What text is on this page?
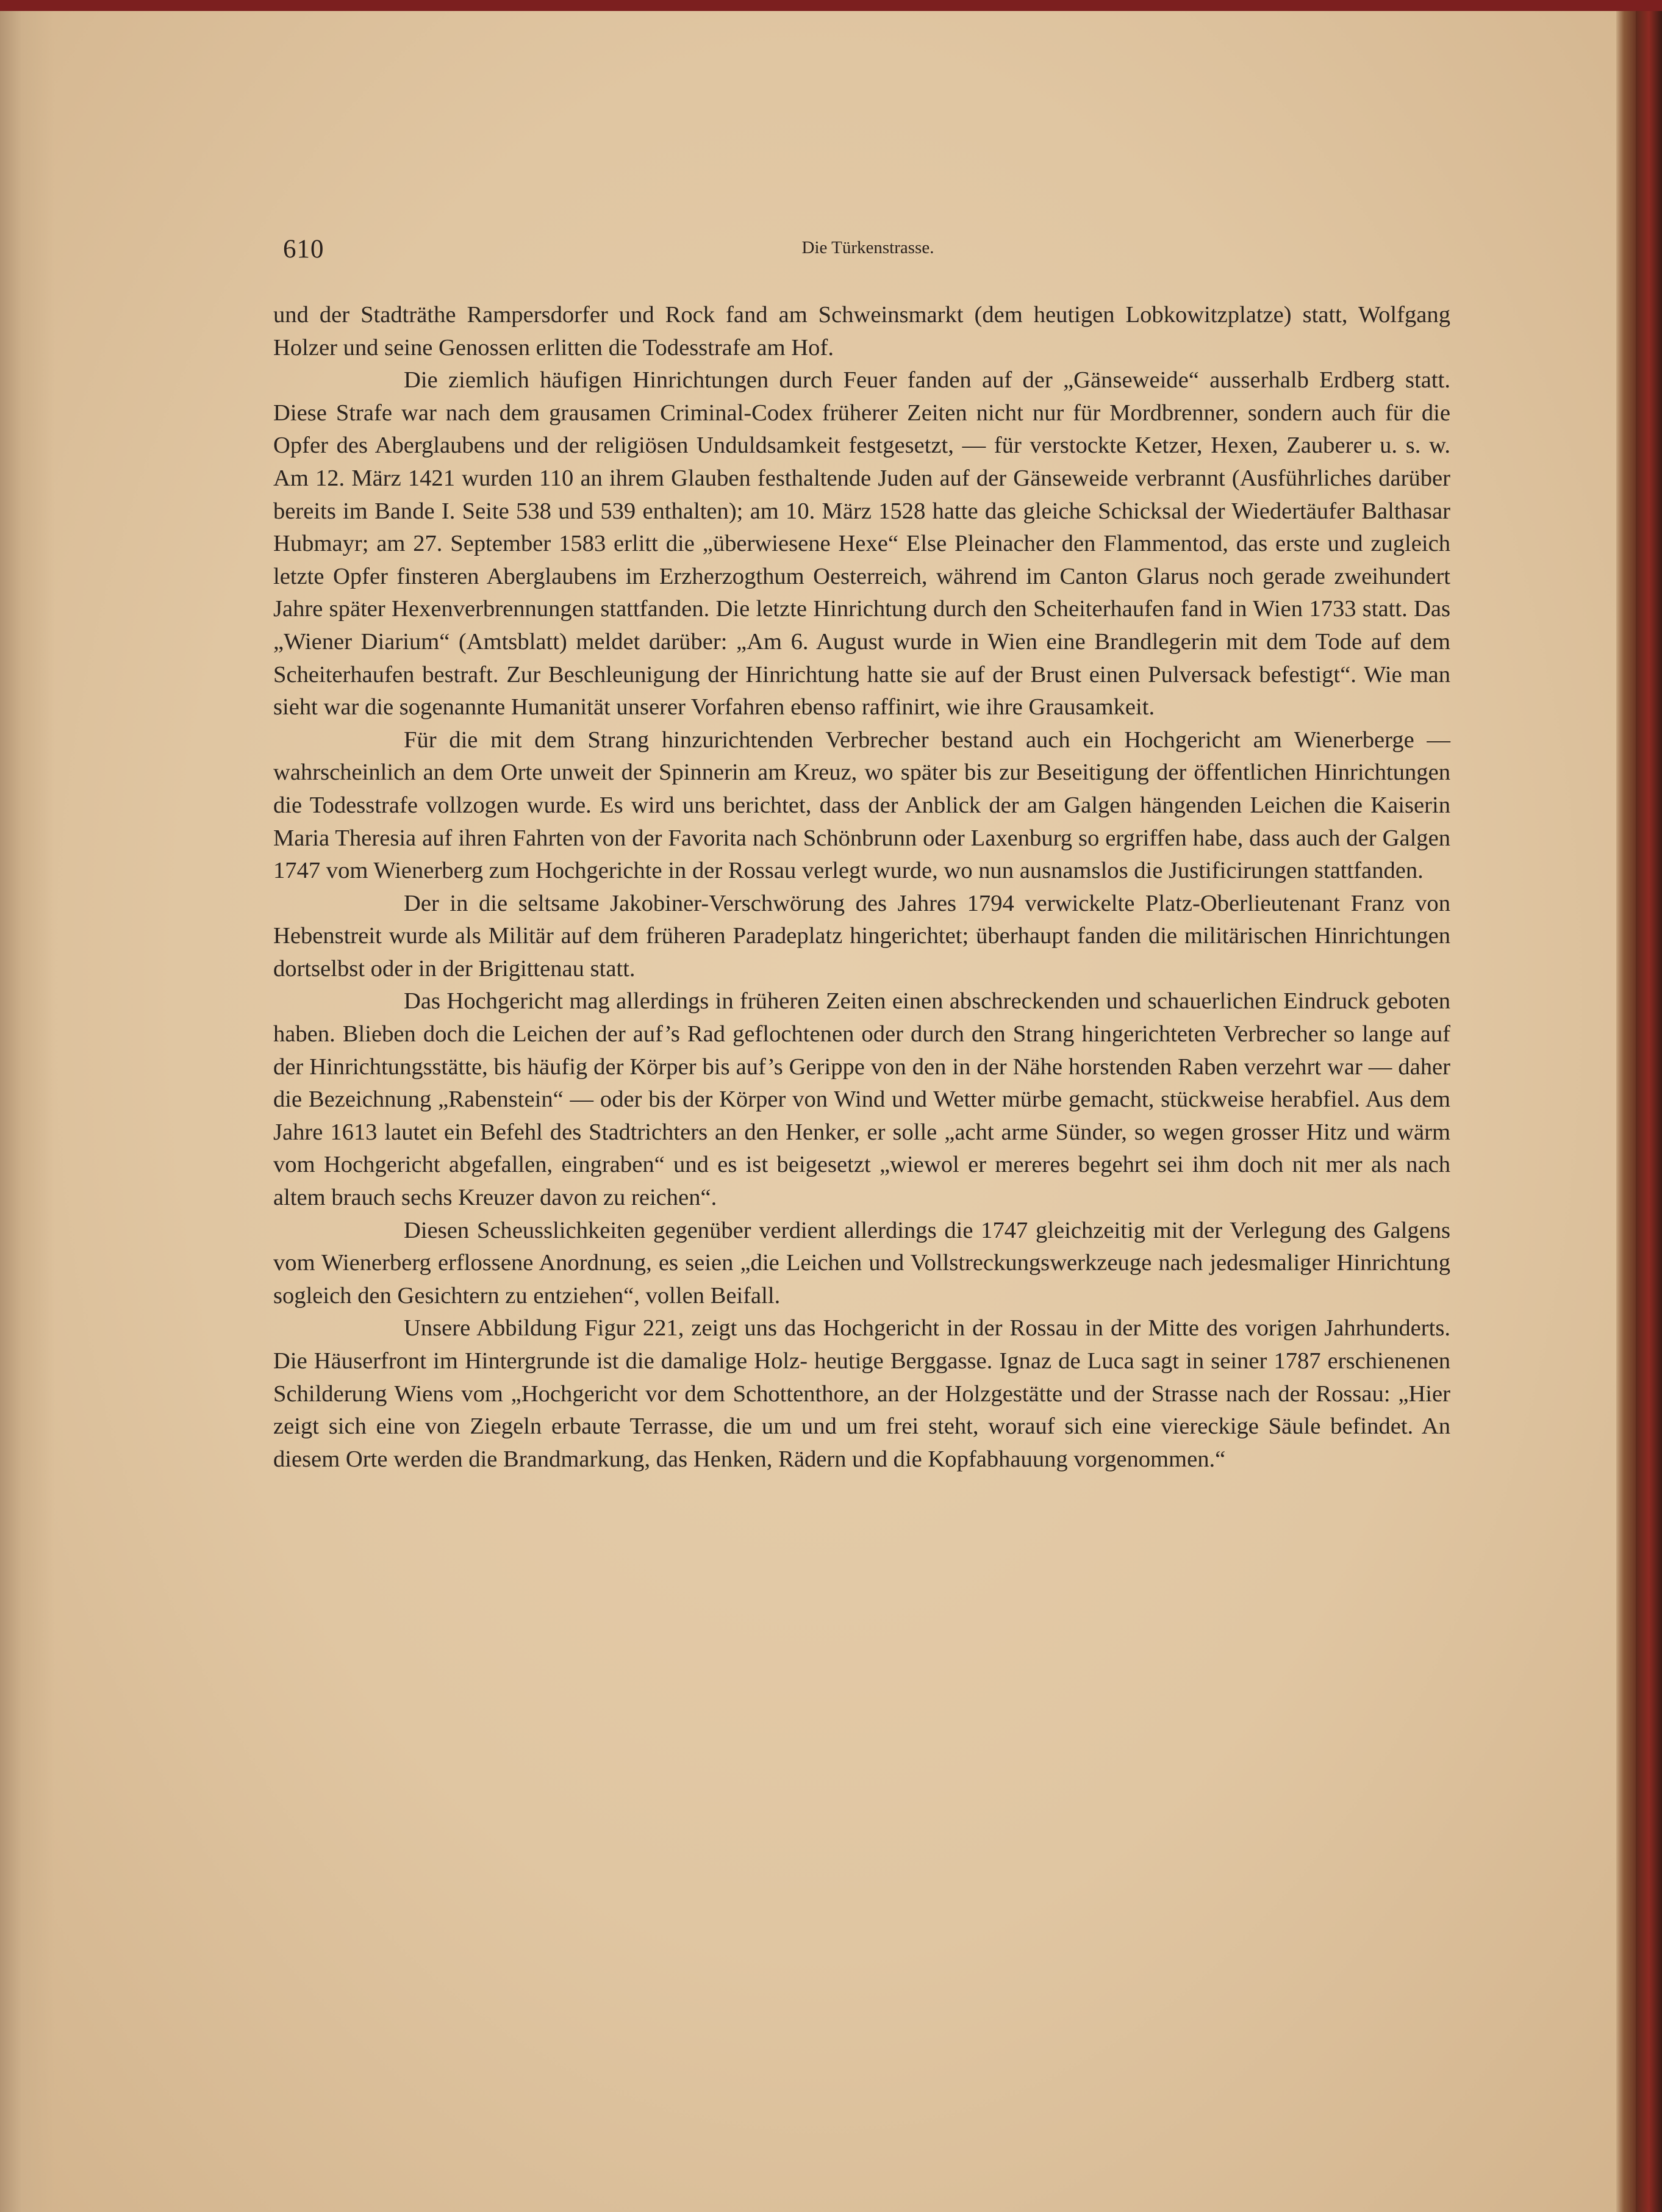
610	Die Türkenstrasse.

und der Stadträthe Rampersdorfer und Rock fand am Schweinsmarkt (dem heutigen Lobkowitzplatze) statt, Wolfgang Holzer und seine Genossen erlitten die Todesstrafe am Hof.

Die ziemlich häufigen Hinrichtungen durch Feuer fanden auf der „Gänseweide“ ausserhalb Erdberg statt. Diese Strafe war nach dem grausamen Criminal-Codex früherer Zeiten nicht nur für Mordbrenner, sondern auch für die Opfer des Aberglaubens und der religiösen Unduldsamkeit festgesetzt, — für verstockte Ketzer, Hexen, Zauberer u. s. w. Am 12. März 1421 wurden 110 an ihrem Glauben festhaltende Juden auf der Gänseweide verbrannt (Ausführliches darüber bereits im Bande I. Seite 538 und 539 enthalten); am 10. März 1528 hatte das gleiche Schicksal der Wiedertäufer Balthasar Hubmayr; am 27. September 1583 erlitt die „überwiesene Hexe“ Else Pleinacher den Flammentod, das erste und zugleich letzte Opfer finsteren Aberglaubens im Erzherzogthum Oesterreich, während im Canton Glarus noch gerade zweihundert Jahre später Hexenverbrennungen stattfanden. Die letzte Hinrichtung durch den Scheiterhaufen fand in Wien 1733 statt. Das „Wiener Diarium“ (Amtsblatt) meldet darüber: „Am 6. August wurde in Wien eine Brandlegerin mit dem Tode auf dem Scheiterhaufen bestraft. Zur Beschleunigung der Hinrichtung hatte sie auf der Brust einen Pulversack befestigt“. Wie man sieht war die sogenannte Humanität unserer Vorfahren ebenso raffinirt, wie ihre Grausamkeit.

Für die mit dem Strang hinzurichtenden Verbrecher bestand auch ein Hochgericht am Wienerberge — wahrscheinlich an dem Orte unweit der Spinnerin am Kreuz, wo später bis zur Beseitigung der öffentlichen Hinrichtungen die Todesstrafe vollzogen wurde. Es wird uns berichtet, dass der Anblick der am Galgen hängenden Leichen die Kaiserin Maria Theresia auf ihren Fahrten von der Favorita nach Schönbrunn oder Laxenburg so ergriffen habe, dass auch der Galgen 1747 vom Wienerberg zum Hochgerichte in der Rossau verlegt wurde, wo nun ausnamslos die Justificirungen stattfanden.

Der in die seltsame Jakobiner-Verschwörung des Jahres 1794 verwickelte Platz-Oberlieutenant Franz von Hebenstreit wurde als Militär auf dem früheren Paradeplatz hingerichtet; überhaupt fanden die militärischen Hinrichtungen dortselbst oder in der Brigittenau statt.

Das Hochgericht mag allerdings in früheren Zeiten einen abschreckenden und schauerlichen Eindruck geboten haben. Blieben doch die Leichen der auf’s Rad geflochtenen oder durch den Strang hingerichteten Verbrecher so lange auf der Hinrichtungsstätte, bis häufig der Körper bis auf’s Gerippe von den in der Nähe horstenden Raben verzehrt war — daher die Bezeichnung „Rabenstein“ — oder bis der Körper von Wind und Wetter mürbe gemacht, stückweise herabfiel. Aus dem Jahre 1613 lautet ein Befehl des Stadtrichters an den Henker, er solle „acht arme Sünder, so wegen grosser Hitz und wärm vom Hochgericht abgefallen, eingraben“ und es ist beigesetzt „wiewol er mereres begehrt sei ihm doch nit mer als nach altem brauch sechs Kreuzer davon zu reichen“.

Diesen Scheusslichkeiten gegenüber verdient allerdings die 1747 gleichzeitig mit der Verlegung des Galgens vom Wienerberg erflossene Anordnung, es seien „die Leichen und Vollstreckungswerkzeuge nach jedesmaliger Hinrichtung sogleich den Gesichtern zu entziehen“, vollen Beifall.

Unsere Abbildung Figur 221, zeigt uns das Hochgericht in der Rossau in der Mitte des vorigen Jahrhunderts. Die Häuserfront im Hintergrunde ist die damalige Holz- heutige Berggasse. Ignaz de Luca sagt in seiner 1787 erschienenen Schilderung Wiens vom „Hochgericht vor dem Schottenthore, an der Holzgestätte und der Strasse nach der Rossau: „Hier zeigt sich eine von Ziegeln erbaute Terrasse, die um und um frei steht, worauf sich eine viereckige Säule befindet. An diesem Orte werden die Brandmarkung, das Henken, Rädern und die Kopfabhauung vorgenommen.“
